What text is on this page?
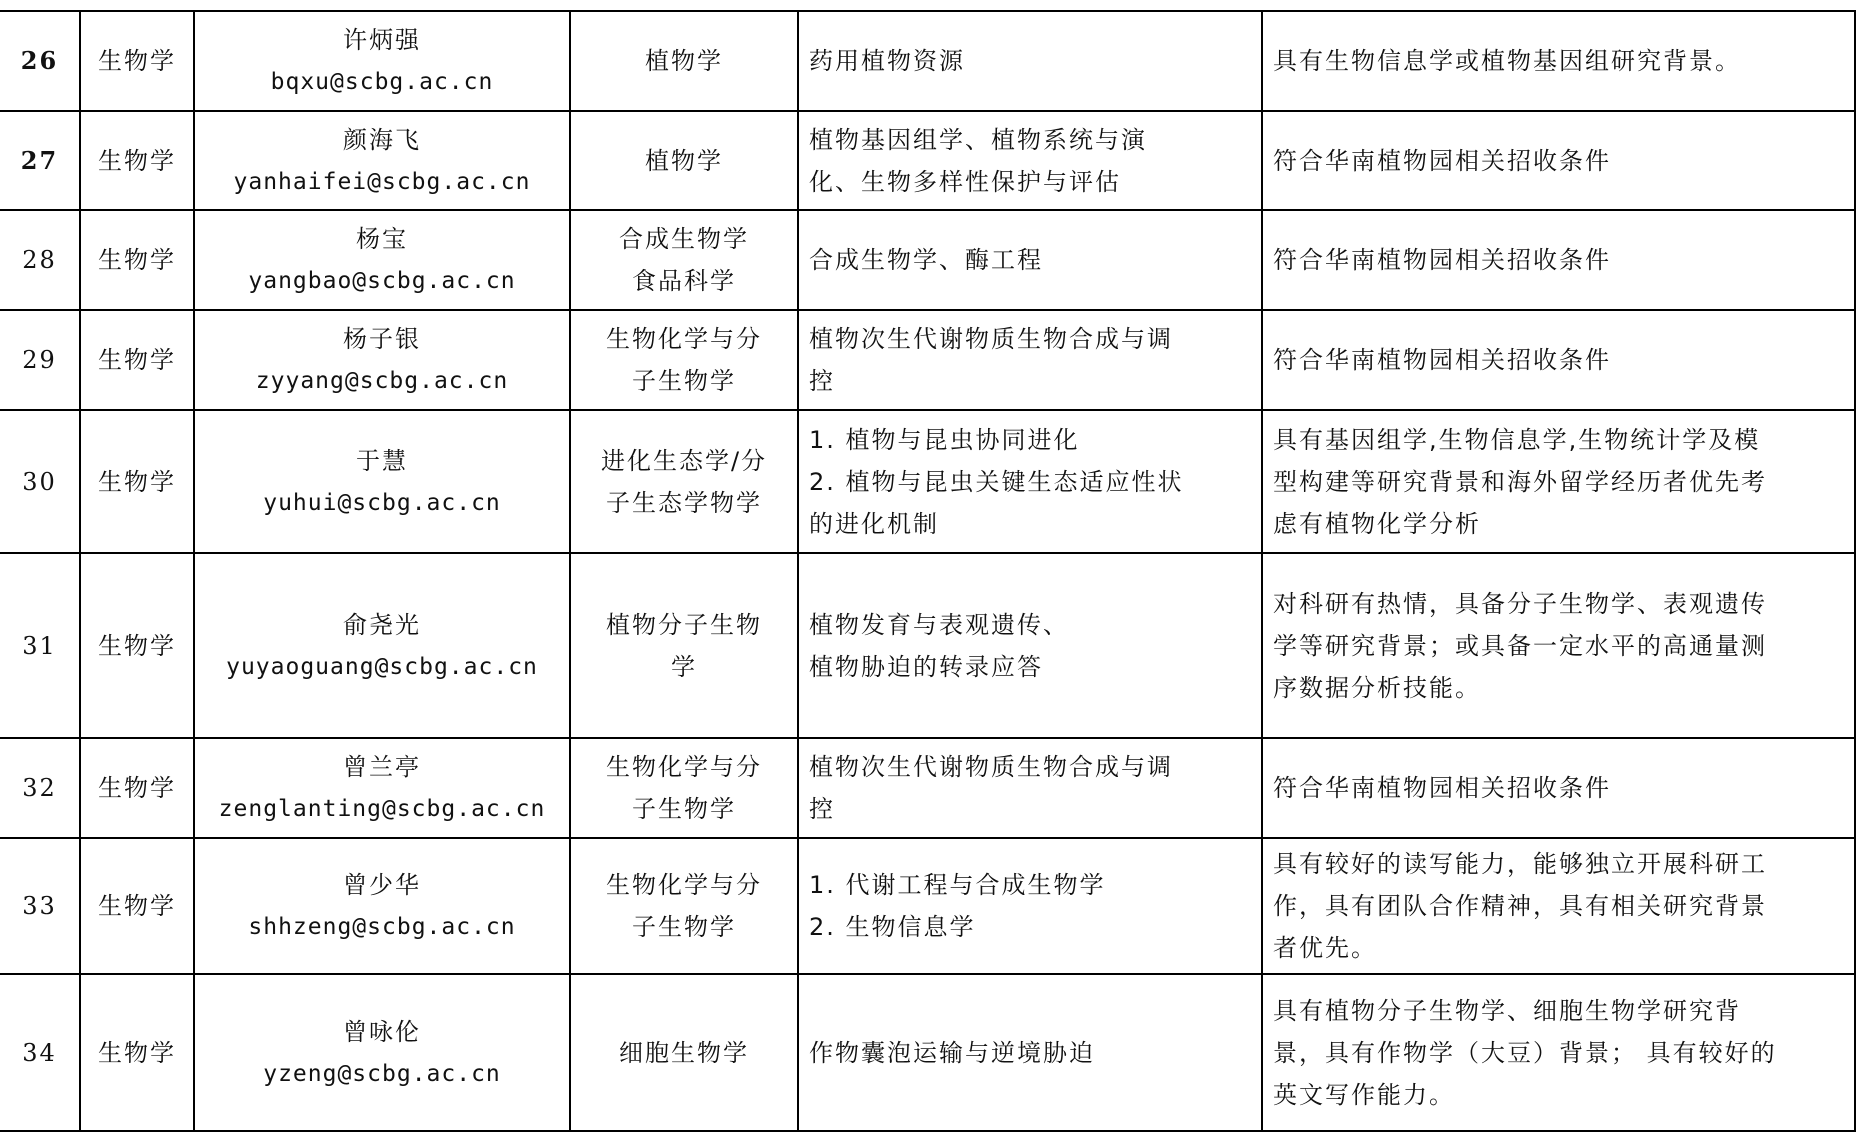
26	生物学	许炳强
bqxu@scbg.ac.cn	植物学	药用植物资源	具有生物信息学或植物基因组研究背景。

27	生物学	颜海飞
yanhaifei@scbg.ac.cn	植物学	植物基因组学、植物系统与演
化、生物多样性保护与评估	符合华南植物园相关招收条件

28	生物学	杨宝
yangbao@scbg.ac.cn	合成生物学
食品科学	合成生物学、酶工程	符合华南植物园相关招收条件

29	生物学	杨子银
zyyang@scbg.ac.cn	生物化学与分
子生物学	植物次生代谢物质生物合成与调
控	符合华南植物园相关招收条件

30	生物学	于慧
yuhui@scbg.ac.cn	进化生态学/分
子生态学物学	1. 植物与昆虫协同进化
2. 植物与昆虫关键生态适应性状
的进化机制	具有基因组学,生物信息学,生物统计学及模
型构建等研究背景和海外留学经历者优先考
虑有植物化学分析

31	生物学	俞尧光
yuyaoguang@scbg.ac.cn	植物分子生物
学	植物发育与表观遗传、
植物胁迫的转录应答	对科研有热情，具备分子生物学、表观遗传
学等研究背景；或具备一定水平的高通量测
序数据分析技能。

32	生物学	曾兰亭
zenglanting@scbg.ac.cn	生物化学与分
子生物学	植物次生代谢物质生物合成与调
控	符合华南植物园相关招收条件

33	生物学	曾少华
shhzeng@scbg.ac.cn	生物化学与分
子生物学	1. 代谢工程与合成生物学
2. 生物信息学	具有较好的读写能力，能够独立开展科研工
作，具有团队合作精神，具有相关研究背景
者优先。

34	生物学	曾咏伦
yzeng@scbg.ac.cn	细胞生物学	作物囊泡运输与逆境胁迫	具有植物分子生物学、细胞生物学研究背
景，具有作物学（大豆）背景； 具有较好的
英文写作能力。
